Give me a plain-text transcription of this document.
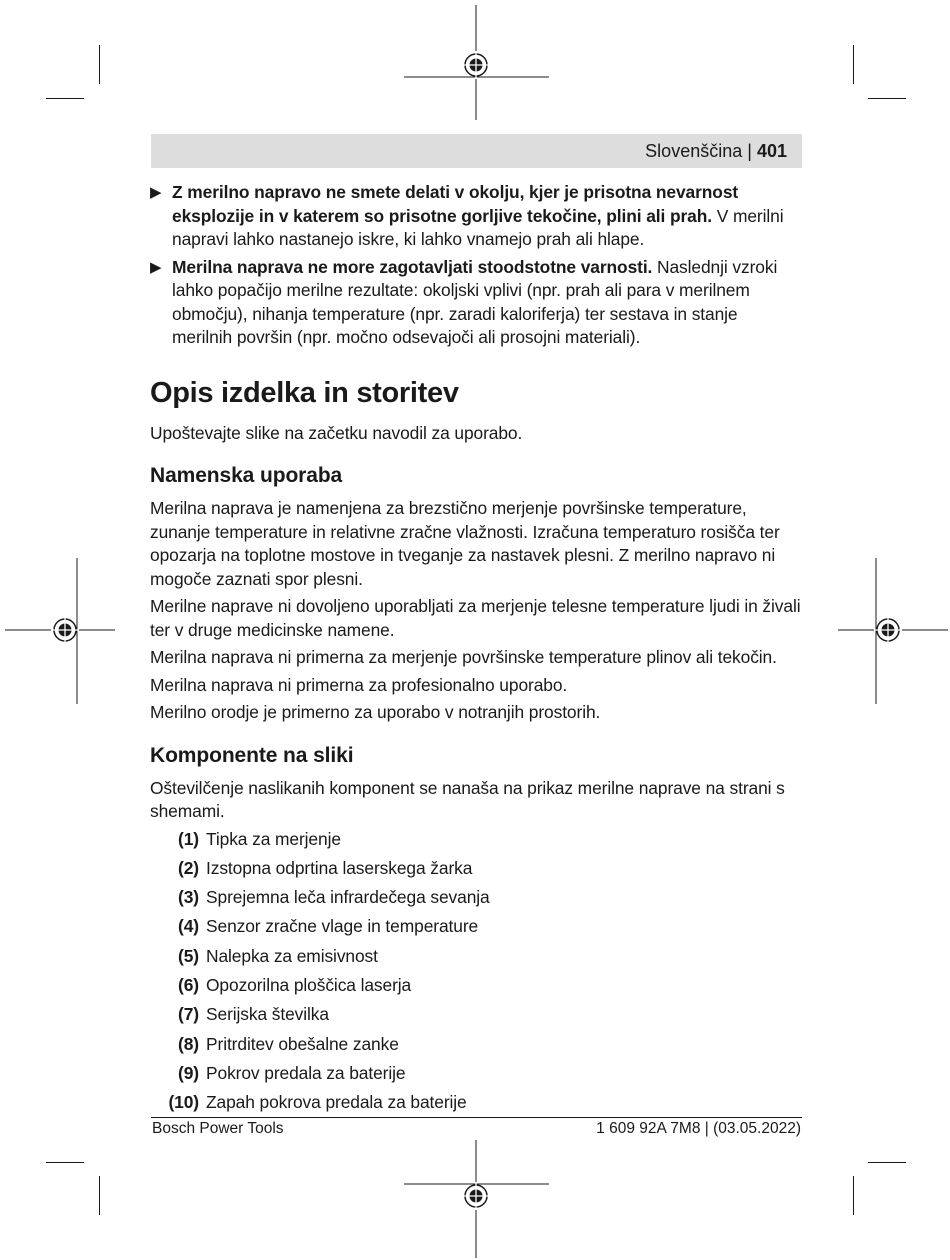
Slovenščina | 401
▶ Z merilno napravo ne smete delati v okolju, kjer je prisotna nevarnost eksplozije in v katerem so prisotne gorljive tekočine, plini ali prah. V merilni napravi lahko nastanejo iskre, ki lahko vnamejo prah ali hlape.
▶ Merilna naprava ne more zagotavljati stoodstotne varnosti. Naslednji vzroki lahko popačijo merilne rezultate: okoljski vplivi (npr. prah ali para v merilnem območju), nihanja temperature (npr. zaradi kaloriferja) ter sestava in stanje merilnih površin (npr. močno odsevajoči ali prosojni materiali).
Opis izdelka in storitev

Upoštevajte slike na začetku navodil za uporabo.

Namenska uporaba

Merilna naprava je namenjena za brezstično merjenje površinske temperature, zunanje temperature in relativne zračne vlažnosti. Izračuna temperaturo rosišča ter opozarja na toplotne mostove in tveganje za nastavek plesni. Z merilno napravo ni mogoče zaznati spor plesni.

Merilne naprave ni dovoljeno uporabljati za merjenje telesne temperature ljudi in živali ter v druge medicinske namene.

Merilna naprava ni primerna za merjenje površinske temperature plinov ali tekočin.

Merilna naprava ni primerna za profesionalno uporabo.

Merilno orodje je primerno za uporabo v notranjih prostorih.

Komponente na sliki

Oštevilčenje naslikanih komponent se nanaša na prikaz merilne naprave na strani s shemami.

(1) Tipka za merjenje
(2) Izstopna odprtina laserskega žarka
(3) Sprejemna leča infrardečega sevanja
(4) Senzor zračne vlage in temperature
(5) Nalepka za emisivnost
(6) Opozorilna ploščica laserja
(7) Serijska številka
(8) Pritrditev obešalne zanke
(9) Pokrov predala za baterije
(10) Zapah pokrova predala za baterije
Bosch Power Tools	1 609 92A 7M8 | (03.05.2022)
